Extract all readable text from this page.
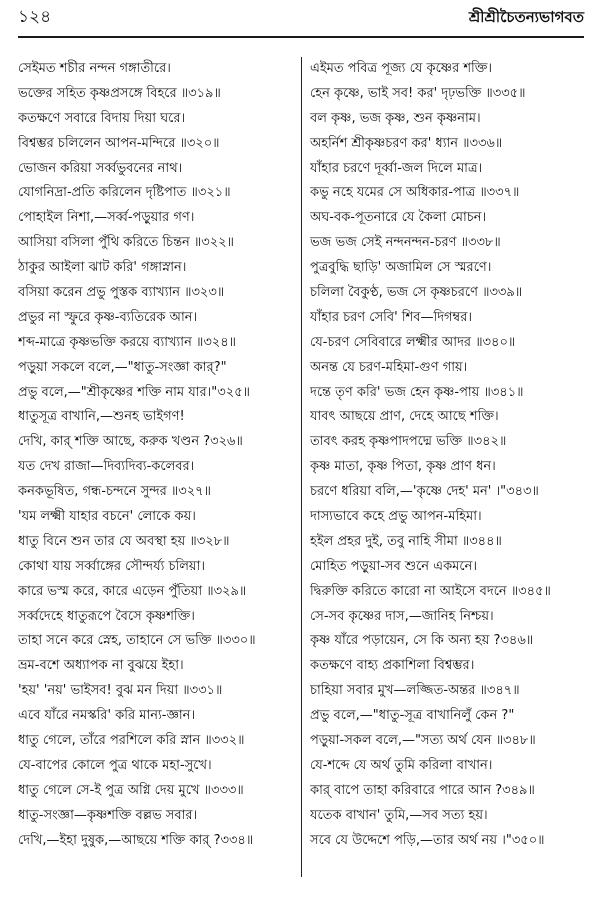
১২৪	শ্রীশ্রীচৈতন্যভাগবত
সেইমত শচীর নন্দন গঙ্গাতীরে।
ভক্তের সহিত কৃষ্ণপ্রসঙ্গে বিহরে ॥৩১৯॥
কতক্ষণে সবারে বিদায় দিয়া ঘরে।
বিশ্বম্ভর চলিলেন আপন-মন্দিরে ॥৩২০॥
ভোজন করিয়া সর্ব্বভুবনের নাথ।
যোগনিদ্রা-প্রতি করিলেন দৃষ্টিপাত ॥৩২১॥
পোহাইল নিশা,—সর্ব্ব-পড়ুয়ার গণ।
আসিয়া বসিলা পুঁথি করিতে চিন্তন ॥৩২২॥
ঠাকুর আইলা ঝাট করি' গঙ্গাস্নান।
বসিয়া করেন প্রভু পুস্তক ব্যাখ্যান ॥৩২৩॥
প্রভুর না স্ফুরে কৃষ্ণ-ব্যতিরেক আন।
শব্দ-মাত্রে কৃষ্ণভক্তি করয়ে ব্যাখ্যান ॥৩২৪॥
পড়ুয়া সকলে বলে,—"ধাতু-সংজ্ঞা কার্?"
প্রভু বলে,—"শ্রীকৃষ্ণের শক্তি নাম যার।"৩২৫॥
ধাতুসূত্র বাখানি,—শুনহ ভাইগণ!
দেখি, কার্ শক্তি আছে, করুক খণ্ডন ?৩২৬॥
যত দেখ রাজা—দিব্যদিব্য-কলেবর।
কনকভূষিত, গন্ধ-চন্দনে সুন্দর ॥৩২৭॥
'যম লক্ষ্মী যাহার বচনে' লোকে কয়।
ধাতু বিনে শুন তার যে অবস্থা হয় ॥৩২৮॥
কোথা যায় সর্ব্বাঙ্গের সৌন্দর্য্য চলিয়া।
কারে ভস্ম করে, কারে এড়েন পুঁতিয়া ॥৩২৯॥
সর্ব্বদেহে ধাতুরূপে বৈসে কৃষ্ণশক্তি।
তাহা সনে করে স্নেহ, তাহানে সে ভক্তি ॥৩৩০॥
ভ্রম-বশে অধ্যাপক না বুঝয়ে ইহা।
'হয়' 'নয়' ভাইসব! বুঝ মন দিয়া ॥৩৩১॥
এবে যাঁরে নমস্করি' করি মান্য-জ্ঞান।
ধাতু গেলে, তাঁরে পরশিলে করি স্নান ॥৩৩২॥
যে-বাপের কোলে পুত্র থাকে মহা-সুখে।
ধাতু গেলে সে-ই পুত্র অগ্নি দেয় মুখে ॥৩৩৩॥
ধাতু-সংজ্ঞা—কৃষ্ণশক্তি বল্লভ সবার।
দেখি,—ইহা দুষুক,—আছয়ে শক্তি কার্ ?৩৩৪॥
এইমত পবিত্র পূজ্য যে কৃষ্ণের শক্তি।
হেন কৃষ্ণে, ভাই সব! কর' দৃঢ়ভক্তি ॥৩৩৫॥
বল কৃষ্ণ, ভজ কৃষ্ণ, শুন কৃষ্ণনাম।
অহর্নিশ শ্রীকৃষ্ণচরণ কর' ধ্যান ॥৩৩৬॥
যাঁহার চরণে দূর্ব্বা-জল দিলে মাত্র।
কভু নহে যমের সে অধিকার-পাত্র ॥৩৩৭॥
অঘ-বক-পূতনারে যে কৈলা মোচন।
ভজ ভজ সেই নন্দনন্দন-চরণ ॥৩৩৮॥
পুত্রবুদ্ধি ছাড়ি' অজামিল সে স্মরণে।
চলিলা বৈকুণ্ঠ, ভজ সে কৃষ্ণচরণে ॥৩৩৯॥
যাঁহার চরণ সেবি' শিব—দিগম্বর।
যে-চরণ সেবিবারে লক্ষ্মীর আদর ॥৩৪০॥
অনন্ত যে চরণ-মহিমা-গুণ গায়।
দন্তে তৃণ করি' ভজ হেন কৃষ্ণ-পায় ॥৩৪১॥
যাবৎ আছয়ে প্রাণ, দেহে আছে শক্তি।
তাবৎ করহ কৃষ্ণপাদপদ্মে ভক্তি ॥৩৪২॥
কৃষ্ণ মাতা, কৃষ্ণ পিতা, কৃষ্ণ প্রাণ ধন।
চরণে ধরিয়া বলি,—'কৃষ্ণে দেহ' মন' ।"৩৪৩॥
দাস্যভাবে কহে প্রভু আপন-মহিমা।
হইল প্রহর দুই, তবু নাহি সীমা ॥৩৪৪॥
মোহিত পড়ুয়া-সব শুনে একমনে।
দ্বিরুক্তি করিতে কারো না আইসে বদনে ॥৩৪৫॥
সে-সব কৃষ্ণের দাস,—জানিহ নিশ্চয়।
কৃষ্ণ যাঁরে পড়ায়েন, সে কি অন্য হয় ?৩৪৬॥
কতক্ষণে বাহ্য প্রকাশিলা বিশ্বম্ভর।
চাহিয়া সবার মুখ—লজ্জিত-অন্তর ॥৩৪৭॥
প্রভু বলে,—"ধাতু-সূত্র বাখানিলুঁ কেন ?"
পড়ুয়া-সকল বলে,—"সত্য অর্থ যেন ॥৩৪৮॥
যে-শব্দে যে অর্থ তুমি করিলা বাখান।
কার্ বাপে তাহা করিবারে পারে আন ?৩৪৯॥
যতেক বাখান' তুমি,—সব সত্য হয়।
সবে যে উদ্দেশে পড়ি,—তার অর্থ নয় ।"৩৫০॥
